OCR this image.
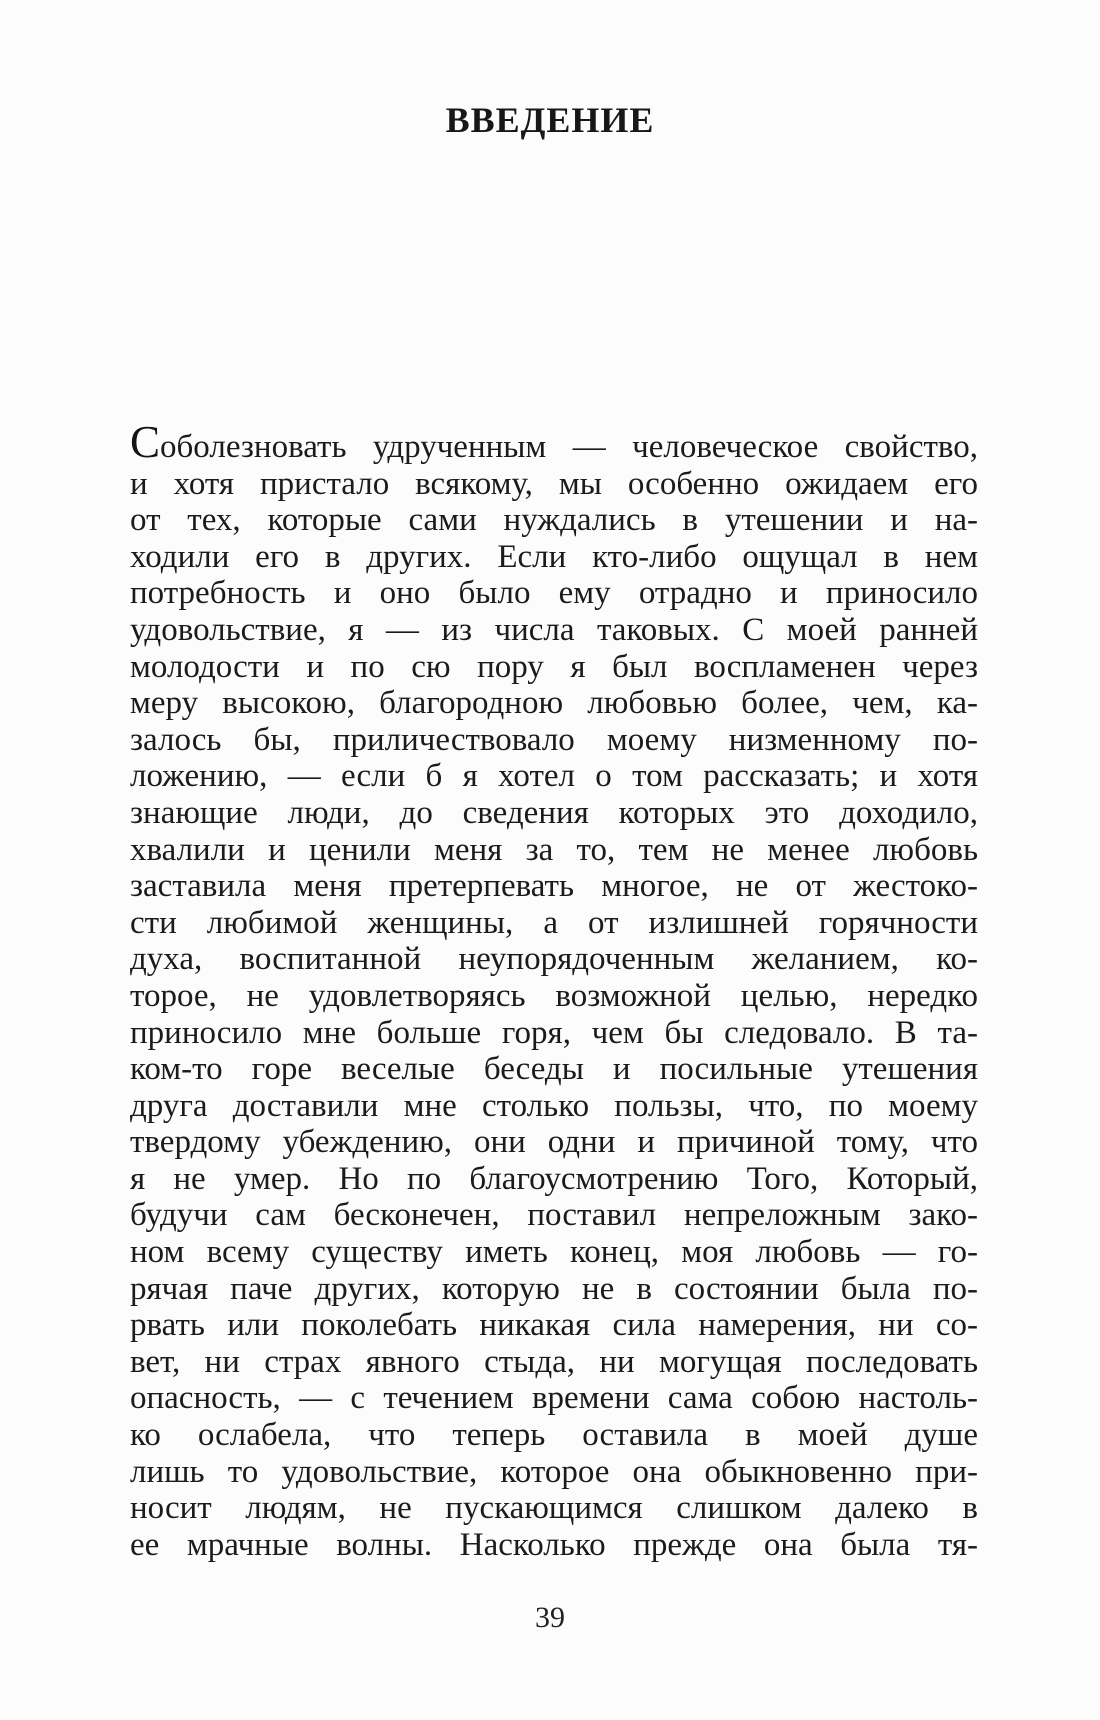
ВВЕДЕНИЕ
Соболезновать удрученным — человеческое свойство,
и хотя пристало всякому, мы особенно ожидаем его
от тех, которые сами нуждались в утешении и на-
ходили его в других. Если кто-либо ощущал в нем
потребность и оно было ему отрадно и приносило
удовольствие, я — из числа таковых. С моей ранней
молодости и по сю пору я был воспламенен через
меру высокою, благородною любовью более, чем, ка-
залось бы, приличествовало моему низменному по-
ложению, — если б я хотел о том рассказать; и хотя
знающие люди, до сведения которых это доходило,
хвалили и ценили меня за то, тем не менее любовь
заставила меня претерпевать многое, не от жестоко-
сти любимой женщины, а от излишней горячности
духа, воспитанной неупорядоченным желанием, ко-
торое, не удовлетворяясь возможной целью, нередко
приносило мне больше горя, чем бы следовало. В та-
ком-то горе веселые беседы и посильные утешения
друга доставили мне столько пользы, что, по моему
твердому убеждению, они одни и причиной тому, что
я не умер. Но по благоусмотрению Того, Который,
будучи сам бесконечен, поставил непреложным зако-
ном всему существу иметь конец, моя любовь — го-
рячая паче других, которую не в состоянии была по-
рвать или поколебать никакая сила намерения, ни со-
вет, ни страх явного стыда, ни могущая последовать
опасность, — с течением времени сама собою настоль-
ко ослабела, что теперь оставила в моей душе
лишь то удовольствие, которое она обыкновенно при-
носит людям, не пускающимся слишком далеко в
ее мрачные волны. Насколько прежде она была тя-
39
